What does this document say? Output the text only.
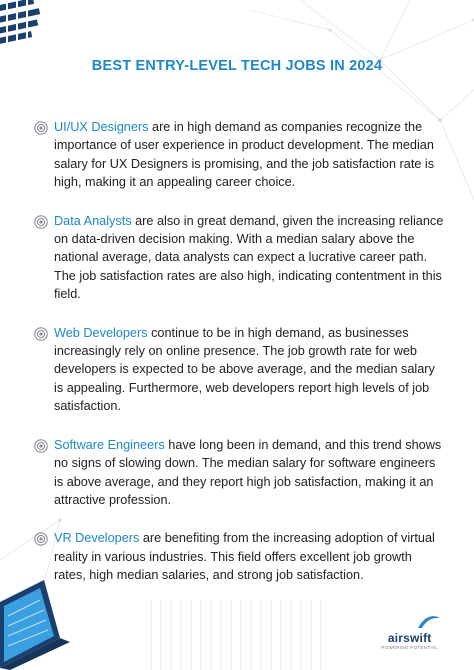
BEST ENTRY-LEVEL TECH JOBS IN 2024
UI/UX Designers are in high demand as companies recognize the importance of user experience in product development. The median salary for UX Designers is promising, and the job satisfaction rate is high, making it an appealing career choice.
Data Analysts are also in great demand, given the increasing reliance on data-driven decision making. With a median salary above the national average, data analysts can expect a lucrative career path. The job satisfaction rates are also high, indicating contentment in this field.
Web Developers continue to be in high demand, as businesses increasingly rely on online presence. The job growth rate for web developers is expected to be above average, and the median salary is appealing. Furthermore, web developers report high levels of job satisfaction.
Software Engineers have long been in demand, and this trend shows no signs of slowing down. The median salary for software engineers is above average, and they report high job satisfaction, making it an attractive profession.
VR Developers are benefiting from the increasing adoption of virtual reality in various industries. This field offers excellent job growth rates, high median salaries, and strong job satisfaction.
airswift
POWERING POTENTIAL
